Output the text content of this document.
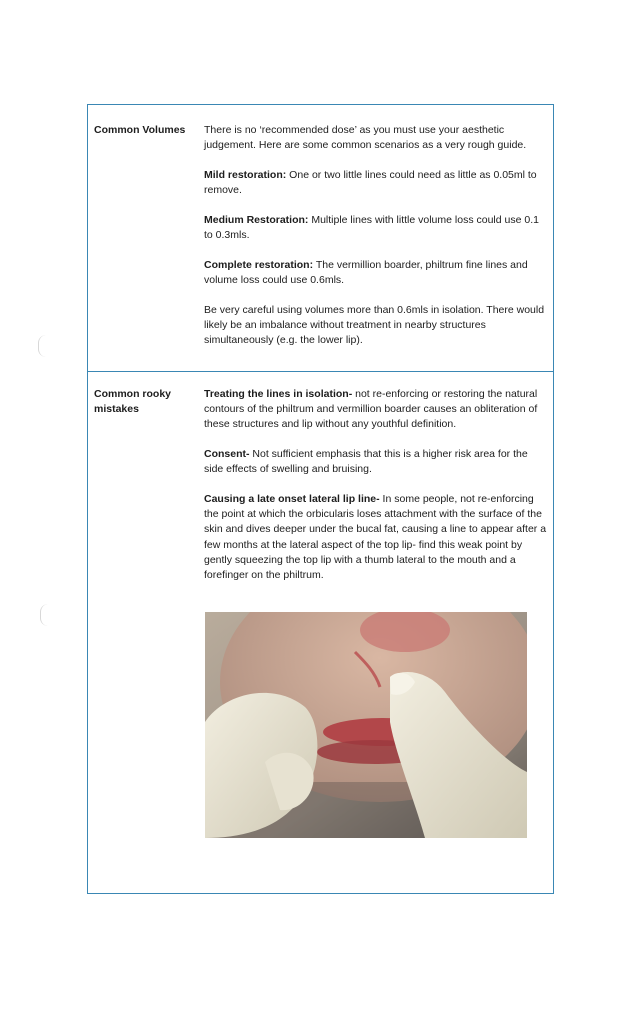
Common Volumes	There is no ‘recommended dose’ as you must use your aesthetic judgement. Here are some common scenarios as a very rough guide.

Mild restoration: One or two little lines could need as little as 0.05ml to remove.

Medium Restoration: Multiple lines with little volume loss could use 0.1 to 0.3mls.

Complete restoration: The vermillion boarder, philtrum fine lines and volume loss could use 0.6mls.

Be very careful using volumes more than 0.6mls in isolation. There would likely be an imbalance without treatment in nearby structures simultaneously (e.g. the lower lip).

Common rooky mistakes

Treating the lines in isolation- not re-enforcing or restoring the natural contours of the philtrum and vermillion boarder causes an obliteration of these structures and lip without any youthful definition.

Consent- Not sufficient emphasis that this is a higher risk area for the side effects of swelling and bruising.

Causing a late onset lateral lip line- In some people, not re-enforcing the point at which the orbicularis loses attachment with the surface of the skin and dives deeper under the bucal fat, causing a line to appear after a few months at the lateral aspect of the top lip- find this weak point by gently squeezing the top lip with a thumb lateral to the mouth and a forefinger on the philtrum.
